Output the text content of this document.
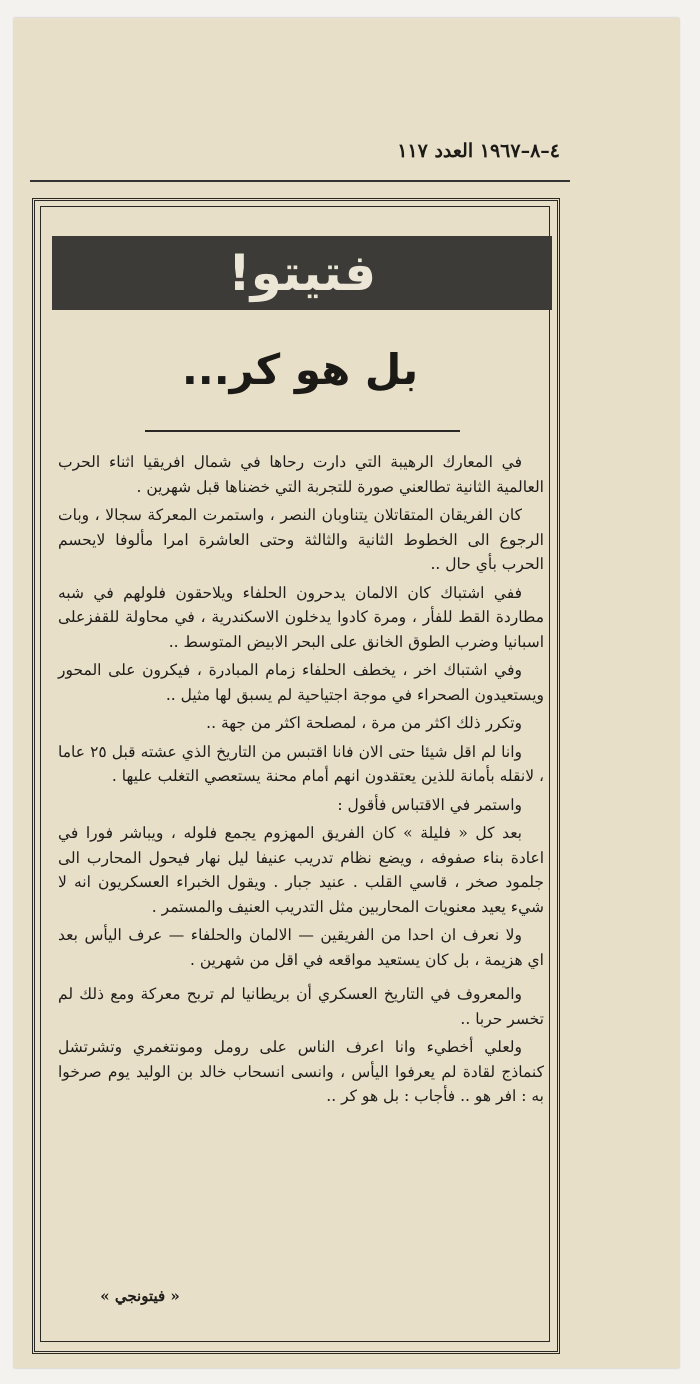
٤–٨–١٩٦٧ العدد ١١٧
فتيتو!
بل هو كر...

في المعارك الرهيبة التي دارت رحاها في شمال افريقيا اثناء الحرب العالمية الثانية تطالعني صورة للتجربة التي خضناها قبل شهرين .

كان الفريقان المتقاتلان يتناوبان النصر ، واستمرت المعركة سجالا ، وبات الرجوع الى الخطوط الثانية والثالثة وحتى العاشرة امرا مألوفا لايحسم الحرب بأي حال ..

ففي اشتباك كان الالمان يدحرون الحلفاء ويلاحقون فلولهم في شبه مطاردة القط للفأر ، ومرة كادوا يدخلون الاسكندرية ، في محاولة للقفزعلى اسبانيا وضرب الطوق الخانق على البحر الابيض المتوسط ..

وفي اشتباك اخر ، يخطف الحلفاء زمام المبادرة ، فيكرون على المحور ويستعيدون الصحراء في موجة اجتياحية لم يسبق لها مثيل ..

وتكرر ذلك اكثر من مرة ، لمصلحة اكثر من جهة ..

وانا لم اقل شيئا حتى الان فانا اقتبس من التاريخ الذي عشته قبل ٢٥ عاما ، لانقله بأمانة للذين يعتقدون انهم أمام محنة يستعصي التغلب عليها .

واستمر في الاقتباس فأقول :

بعد كل « فليلة » كان الفريق المهزوم يجمع فلوله ، ويباشر فورا في اعادة بناء صفوفه ، ويضع نظام تدريب عنيفا ليل نهار فيحول المحارب الى جلمود صخر ، قاسي القلب . عنيد جبار . ويقول الخبراء العسكريون انه لا شيء يعيد معنويات المحاربين مثل التدريب العنيف والمستمر .

ولا نعرف ان احدا من الفريقين — الالمان والحلفاء — عرف اليأس بعد اي هزيمة ، بل كان يستعيد مواقعه في اقل من شهرين .

والمعروف في التاريخ العسكري أن بريطانيا لم تربح معركة ومع ذلك لم تخسر حربا ..

ولعلي أخطيء وانا اعرف الناس على رومل ومونتغمري وتشرتشل كنماذج لقادة لم يعرفوا اليأس ، وانسى انسحاب خالد بن الوليد يوم صرخوا به : افر هو .. فأجاب : بل هو كر ..

« فيتونجي »
